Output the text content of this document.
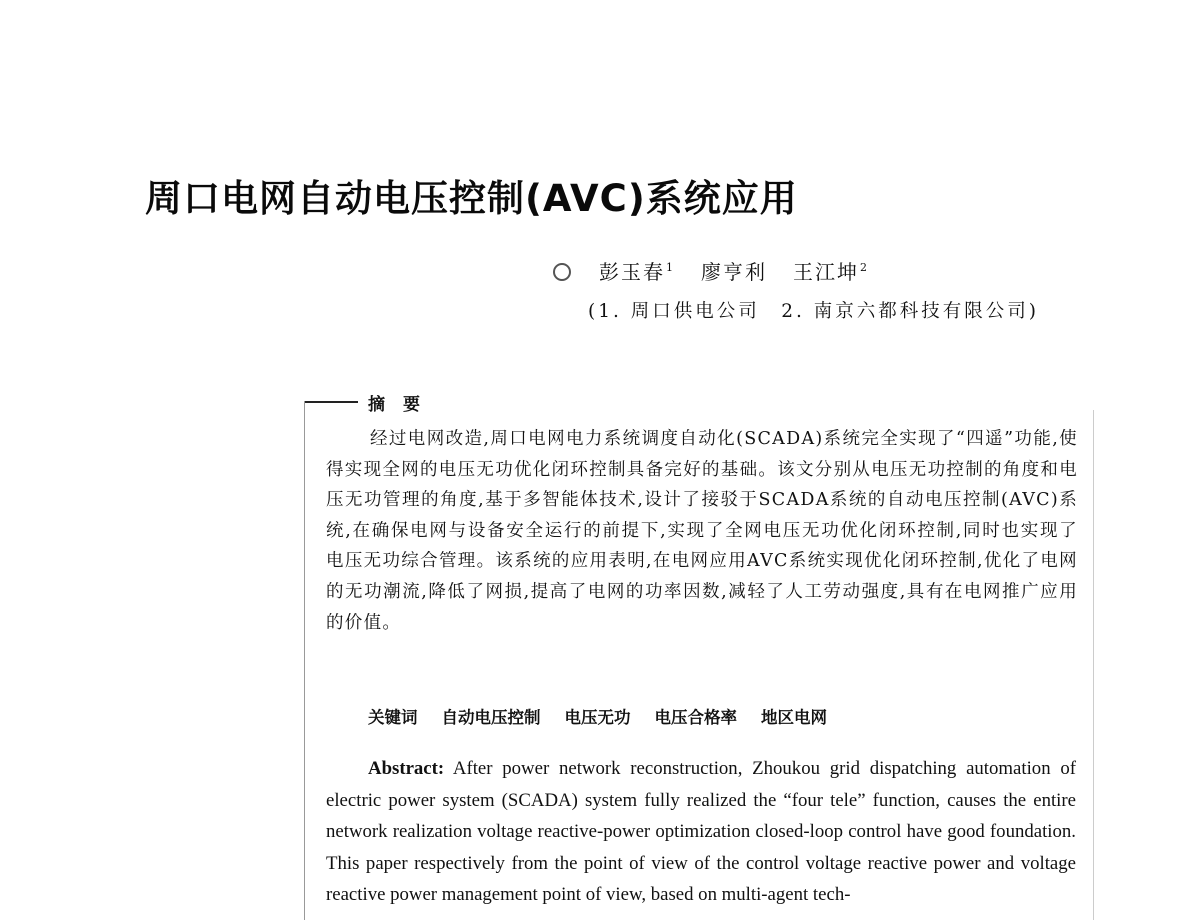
周口电网自动电压控制(AVC)系统应用
彭玉春$^1$ 廖亨利 王江坤$^2$
(1. 周口供电公司　2. 南京六都科技有限公司)
摘要

经过电网改造,周口电网电力系统调度自动化(SCADA)系统完全实现了“四遥”功能,使得实现全网的电压无功优化闭环控制具备完好的基础。该文分别从电压无功控制的角度和电压无功管理的角度,基于多智能体技术,设计了接驳于SCADA系统的自动电压控制(AVC)系统,在确保电网与设备安全运行的前提下,实现了全网电压无功优化闭环控制,同时也实现了电压无功综合管理。该系统的应用表明,在电网应用AVC系统实现优化闭环控制,优化了电网的无功潮流,降低了网损,提高了电网的功率因数,减轻了人工劳动强度,具有在电网推广应用的价值。

关键词 自动电压控制 电压无功 电压合格率 地区电网

Abstract: After power network reconstruction, Zhoukou grid dispatching automation of electric power system (SCADA) system fully realized the “four tele” function, causes the entire network realization voltage reactive-power optimization closed-loop control have good foundation. This paper respectively from the point of view of the control voltage reactive power and voltage reactive power management point of view, based on multi-agent tech-
